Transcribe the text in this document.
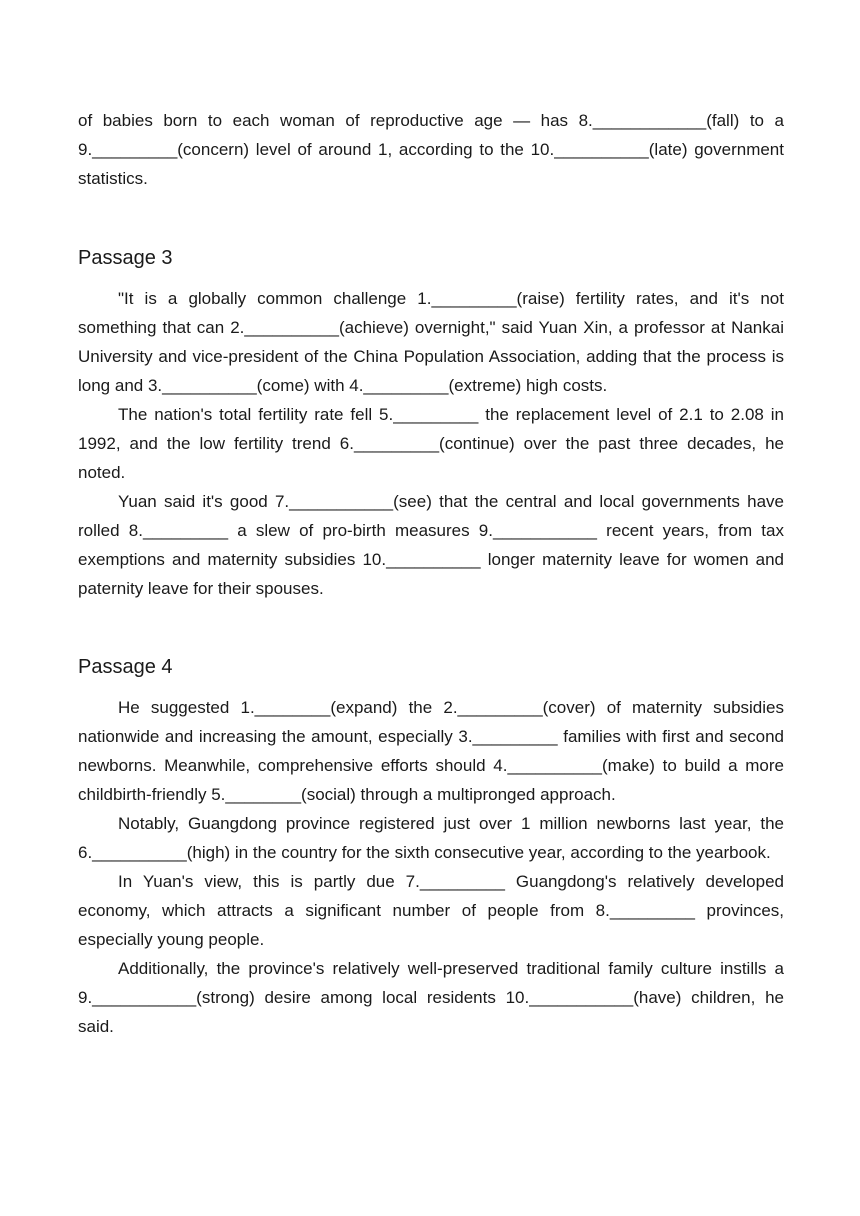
of babies born to each woman of reproductive age — has 8.____________(fall) to a 9._________(concern) level of around 1, according to the 10.__________(late) government statistics.

Passage 3

"It is a globally common challenge 1._________(raise) fertility rates, and it's not something that can 2.__________(achieve) overnight," said Yuan Xin, a professor at Nankai University and vice-president of the China Population Association, adding that the process is long and 3.__________(come) with 4._________(extreme) high costs.

The nation's total fertility rate fell 5._________ the replacement level of 2.1 to 2.08 in 1992, and the low fertility trend 6._________(continue) over the past three decades, he noted.

Yuan said it's good 7.___________(see) that the central and local governments have rolled 8._________ a slew of pro-birth measures 9.___________ recent years, from tax exemptions and maternity subsidies 10.__________ longer maternity leave for women and paternity leave for their spouses.

Passage 4

He suggested 1.________(expand) the 2._________(cover) of maternity subsidies nationwide and increasing the amount, especially 3._________ families with first and second newborns. Meanwhile, comprehensive efforts should 4.__________(make) to build a more childbirth-friendly 5.________(social) through a multipronged approach.

Notably, Guangdong province registered just over 1 million newborns last year, the 6.__________(high) in the country for the sixth consecutive year, according to the yearbook.

In Yuan's view, this is partly due 7._________ Guangdong's relatively developed economy, which attracts a significant number of people from 8._________ provinces, especially young people.

Additionally, the province's relatively well-preserved traditional family culture instills a 9.___________(strong) desire among local residents 10.___________(have) children, he said.
